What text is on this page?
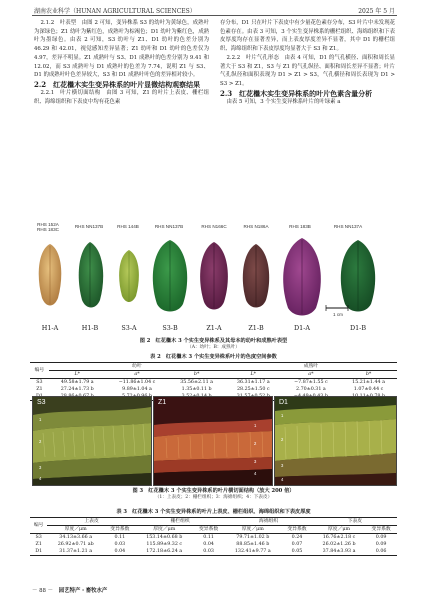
湖南农业科学（HUNAN AGRICULTURAL SCIENCES）	2025 年 5 月

2.1.2　叶表型　由图 2 可知，变异株系 S3 的幼叶为黄绿色，成熟叶为深绿色；Z1 幼叶为紫红色，成熟叶为棕褐色；D1 幼叶为紫红色，成熟叶为墨绿色。由表 2 可知，S3 幼叶与 Z1、D1 幼叶的色差分别为 46.29 和 42.01，视觉感知差异显著；Z1 幼叶和 D1 幼叶的色差仅为 4.97，差异不明显。Z1 成熟叶与 S3、D1 成熟叶的色差分别为 9.41 和 12.02，而 S3 成熟叶与 D1 成熟叶的色差为 7.74，说明 Z1 与 S3、D1 的成熟叶叶色差异较大，S3 和 D1 成熟叶叶色的差异相对较小。

2.2　红花檵木实生变异株系的叶片显微结构观察结果

2.2.1　叶片横切面结构　由图 3 可知，Z1 的叶片上表皮、栅栏组织、海绵组织和下表皮中均有花色素

存分布，D1 只在叶片下表皮中有少量花色素存分布，S3 叶片中未发现花色素存在。由表 3 可知，3 个实生变异株系的栅栏组织、海绵组织和下表皮厚度均存在显著差异，而上表皮厚度差异不显著，其中 D1 的栅栏组织、海绵组织和下表皮厚度均显著大于 S3 和 Z1。

2.2.2　叶片气孔形态　由表 4 可知，D1 的气孔横径、面积和周长显著大于 S3 和 Z1，S3 与 Z1 的气孔纵径、面积和周长差异不显著；叶片气孔纵径和面积表现为 D1 > Z1 > S3，气孔横径和周长表现为 D1 > S3 > Z1。

2.3　红花檵木实生变异株系的叶片色素含量分析

由表 5 可知，3 个实生变异株系叶片的叶绿素 a

RHS 152A
RHS 183C
RHS NN137B	RHS 144B	RHS NN137B	RHS N166C	RHS N186A	RHS 183B	RHS NN137A
1 cm
H1-A	H1-B	S3-A	S3-B	Z1-A	Z1-B	D1-A	D1-B
图 2　红花檵木 3 个实生变异株系及其母本的幼叶和成熟叶表型
（A：幼叶；B：成熟叶）
表 2　红花檵木 3 个实生变异株系叶片的色度空间参数
编号	幼叶			成熟叶		
	L*	a*	b*	L*	a*	b*
S3	49.58±1.79 a	−11.86±1.04 c	35.56±2.11 a	36.31±1.17 a	−7.87±1.55 c	15.21±1.44 a
Z1	27.24±1.73 b	9.89±1.04 a	1.35±0.11 b	28.25±1.50 c	2.70±0.31 a	1.07±0.44 c

S3
1
2
3
4
Z1
1
2
3
4
D1
1
2
3
4
图 3　红花檵木 3 个实生变异株系的叶片横切面结构（放大 200 倍）
（1：上表皮；2：栅栏组织；3：海绵组织；4：下表皮）
表 3　红花檵木 3 个实生变异株系的叶片上表皮、栅栏组织、海绵组织和下表皮厚度
编号	上表皮		栅栏组织		海绵组织		下表皮	
	厚度／μm	变异系数	厚度／μm	变异系数	厚度／μm	变异系数	厚度／μm	变异系数
S3	34.13±3.66 a	0.11	153.14±0.68 b	0.11	79.71±1.02 b	0.24	16.76±2.18 c	0.09
Z1	26.92±0.71 ab	0.03	115.89±9.32 c	0.04	88.85±1.46 b	0.07	26.02±1.26 b	0.09
D1	31.37±1.21 a	0.04	172.18±6.24 a	0.03	132.41±9.77 a	0.05	37.84±3.93 a	0.06
－ 88 － 园艺特产・畜牧水产
